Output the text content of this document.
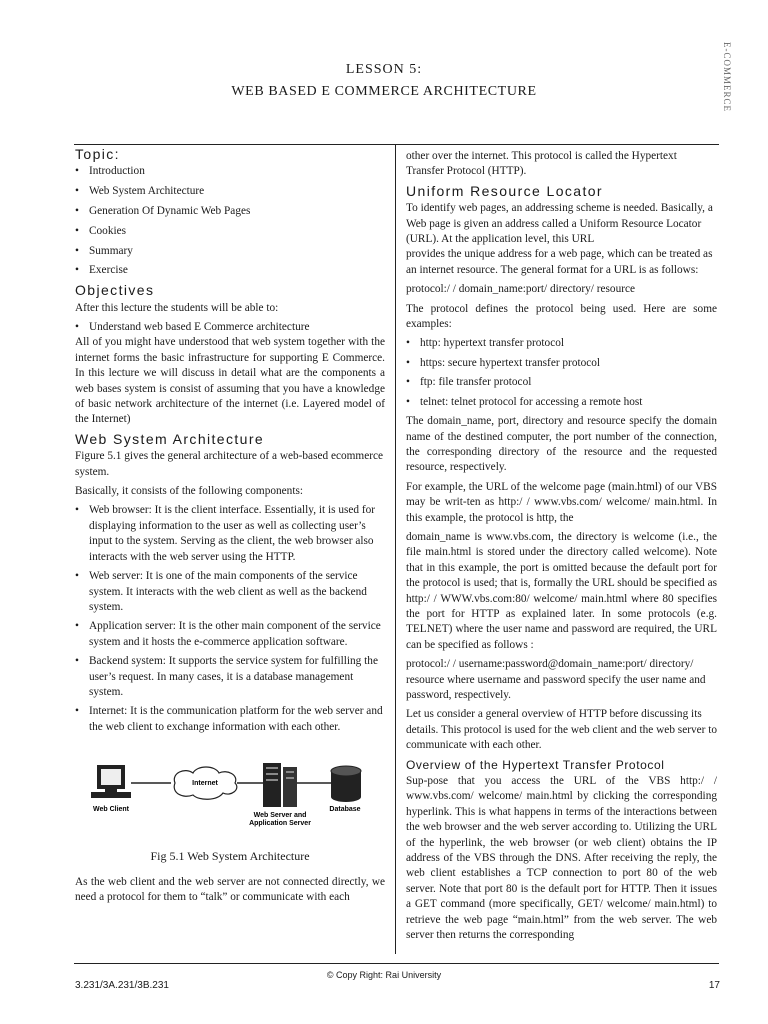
E-COMMERCE
LESSON 5:
WEB BASED E COMMERCE ARCHITECTURE
Topic:
• Introduction
• Web System Architecture
• Generation Of Dynamic Web Pages
• Cookies
• Summary
• Exercise
Objectives

After this lecture the students will be able to:

• Understand web based E Commerce architecture

All of you might have understood that web system together with the internet forms the basic infrastructure for supporting E Commerce. In this lecture we will discuss in detail what are the components a web bases system is consist of assuming that you have a knowledge of basic network architecture of the internet (i.e. Layered model of the Internet)

Web System Architecture

Figure 5.1 gives the general architecture of a web-based ecommerce system.

Basically, it consists of the following components:

• Web browser: It is the client interface. Essentially, it is used for displaying information to the user as well as collecting user’s input to the system. Serving as the client, the web browser also interacts with the web server using the HTTP.
• Web server: It is one of the main components of the service system. It interacts with the web client as well as the backend system.
• Application server: It is the other main component of the service system and it hosts the e-commerce application software.
• Backend system: It supports the service system for fulfilling the user’s request. In many cases, it is a database management system.
• Internet: It is the communication platform for the web server and the web client to exchange information with each other.
Internet
Web Client
Web Server and
Application Server
Database
Fig 5.1 Web System Architecture

As the web client and the web server are not connected directly, we need a protocol for them to “talk” or communicate with each

other over the internet. This protocol is called the Hypertext Transfer Protocol (HTTP).

Uniform Resource Locator

To identify web pages, an addressing scheme is needed. Basically, a Web page is given an address called a Uniform Resource Locator (URL). At the application level, this URL

provides the unique address for a web page, which can be treated as an internet resource. The general format for a URL is as follows:

protocol:/ / domain_name:port/ directory/ resource

The protocol defines the protocol being used. Here are some examples:

• http: hypertext transfer protocol
• https: secure hypertext transfer protocol
• ftp: file transfer protocol
• telnet: telnet protocol for accessing a remote host

The domain_name, port, directory and resource specify the domain name of the destined computer, the port number of the connection, the corresponding directory of the resource and the requested resource, respectively.

For example, the URL of the welcome page (main.html) of our VBS may be writ-ten as http:/ / www.vbs.com/ welcome/ main.html. In this example, the protocol is http, the

domain_name is www.vbs.com, the directory is welcome (i.e., the file main.html is stored under the directory called welcome). Note that in this example, the port is omitted because the default port for the protocol is used; that is, formally the URL should be specified as http:/ / WWW.vbs.com:80/ welcome/ main.html where 80 specifies the port for HTTP as explained later. In some protocols (e.g. TELNET) where the user name and password are required, the URL can be specified as follows :

protocol:/ / username:password@domain_name:port/ directory/ resource where username and password specify the user name and password, respectively.

Let us consider a general overview of HTTP before discussing its details. This protocol is used for the web client and the web server to communicate with each other.

Overview of the Hypertext Transfer Protocol

Sup-pose that you access the URL of the VBS http:/ / www.vbs.com/ welcome/ main.html by clicking the corresponding hyperlink. This is what happens in terms of the interactions between the web browser and the web server according to. Utilizing the URL of the hyperlink, the web browser (or web client) obtains the IP address of the VBS through the DNS. After receiving the reply, the web client establishes a TCP connection to port 80 of the web server. Note that port 80 is the default port for HTTP. Then it issues a GET command (more specifically, GET/ welcome/ main.html) to retrieve the web page “main.html” from the web server. The web server then returns the corresponding

© Copy Right: Rai University
3.231/3A.231/3B.231	17
